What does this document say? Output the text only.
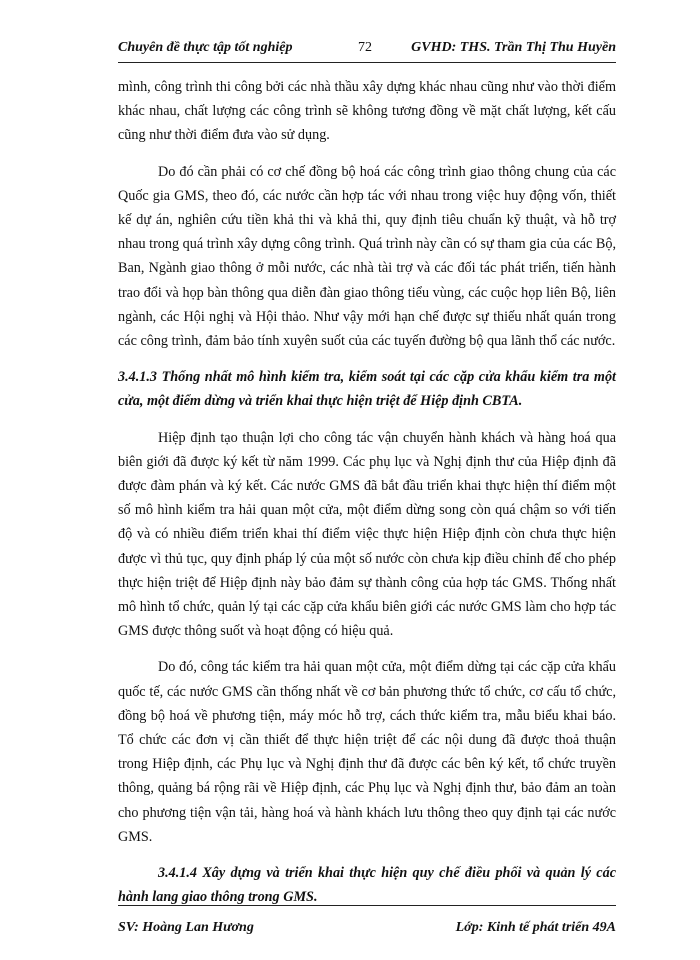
Chuyên đề thực tập tốt nghiệp	72	GVHD: THS. Trần Thị Thu Huyền

mình, công trình thi công bởi các nhà thầu xây dựng khác nhau cũng như vào thời điểm khác nhau, chất lượng các công trình sẽ không tương đồng về mặt chất lượng, kết cấu cũng như thời điểm đưa vào sử dụng.

Do đó cần phải có cơ chế đồng bộ hoá các công trình giao thông chung của các Quốc gia GMS, theo đó, các nước cần hợp tác với nhau trong việc huy động vốn, thiết kế dự án, nghiên cứu tiền khả thi và khả thi, quy định tiêu chuẩn kỹ thuật, và hỗ trợ nhau trong quá trình xây dựng công trình. Quá trình này cần có sự tham gia của các Bộ, Ban, Ngành giao thông ở mỗi nước, các nhà tài trợ và các đối tác phát triển, tiến hành trao đổi và họp bàn thông qua diễn đàn giao thông tiểu vùng, các cuộc họp liên Bộ, liên ngành, các Hội nghị và Hội thảo. Như vậy mới hạn chế được sự thiếu nhất quán trong các công trình, đảm bảo tính xuyên suốt của các tuyến đường bộ qua lãnh thổ các nước.

3.4.1.3 Thống nhất mô hình kiểm tra, kiểm soát tại các cặp cửa khẩu kiểm tra một cửa, một điểm dừng và triển khai thực hiện triệt để Hiệp định CBTA.

Hiệp định tạo thuận lợi cho công tác vận chuyển hành khách và hàng hoá qua biên giới đã được ký kết từ năm 1999. Các phụ lục và Nghị định thư của Hiệp định đã được đàm phán và ký kết. Các nước GMS đã bắt đầu triển khai thực hiện thí điểm một số mô hình kiểm tra hải quan một cửa, một điểm dừng song còn quá chậm so với tiến độ và có nhiều điểm triển khai thí điểm việc thực hiện Hiệp định còn chưa thực hiện được vì thủ tục, quy định pháp lý của một số nước còn chưa kịp điều chỉnh để cho phép thực hiện triệt để Hiệp định này bảo đảm sự thành công của hợp tác GMS. Thống nhất mô hình tổ chức, quản lý tại các cặp cửa khẩu biên giới các nước GMS làm cho hợp tác GMS được thông suốt và hoạt động có hiệu quả.

Do đó, công tác kiểm tra hải quan một cửa, một điểm dừng tại các cặp cửa khẩu quốc tế, các nước GMS cần thống nhất về cơ bản phương thức tổ chức, cơ cấu tổ chức, đồng bộ hoá về phương tiện, máy móc hỗ trợ, cách thức kiểm tra, mẫu biểu khai báo. Tổ chức các đơn vị cần thiết để thực hiện triệt để các nội dung đã được thoả thuận trong Hiệp định, các Phụ lục và Nghị định thư đã được các bên ký kết, tổ chức truyền thông, quảng bá rộng rãi về Hiệp định, các Phụ lục và Nghị định thư, bảo đảm an toàn cho phương tiện vận tải, hàng hoá và hành khách lưu thông theo quy định tại các nước GMS.

3.4.1.4 Xây dựng và triển khai thực hiện quy chế điều phối và quản lý các hành lang giao thông trong GMS.
SV: Hoàng Lan Hương	Lớp: Kinh tế phát triển 49A
